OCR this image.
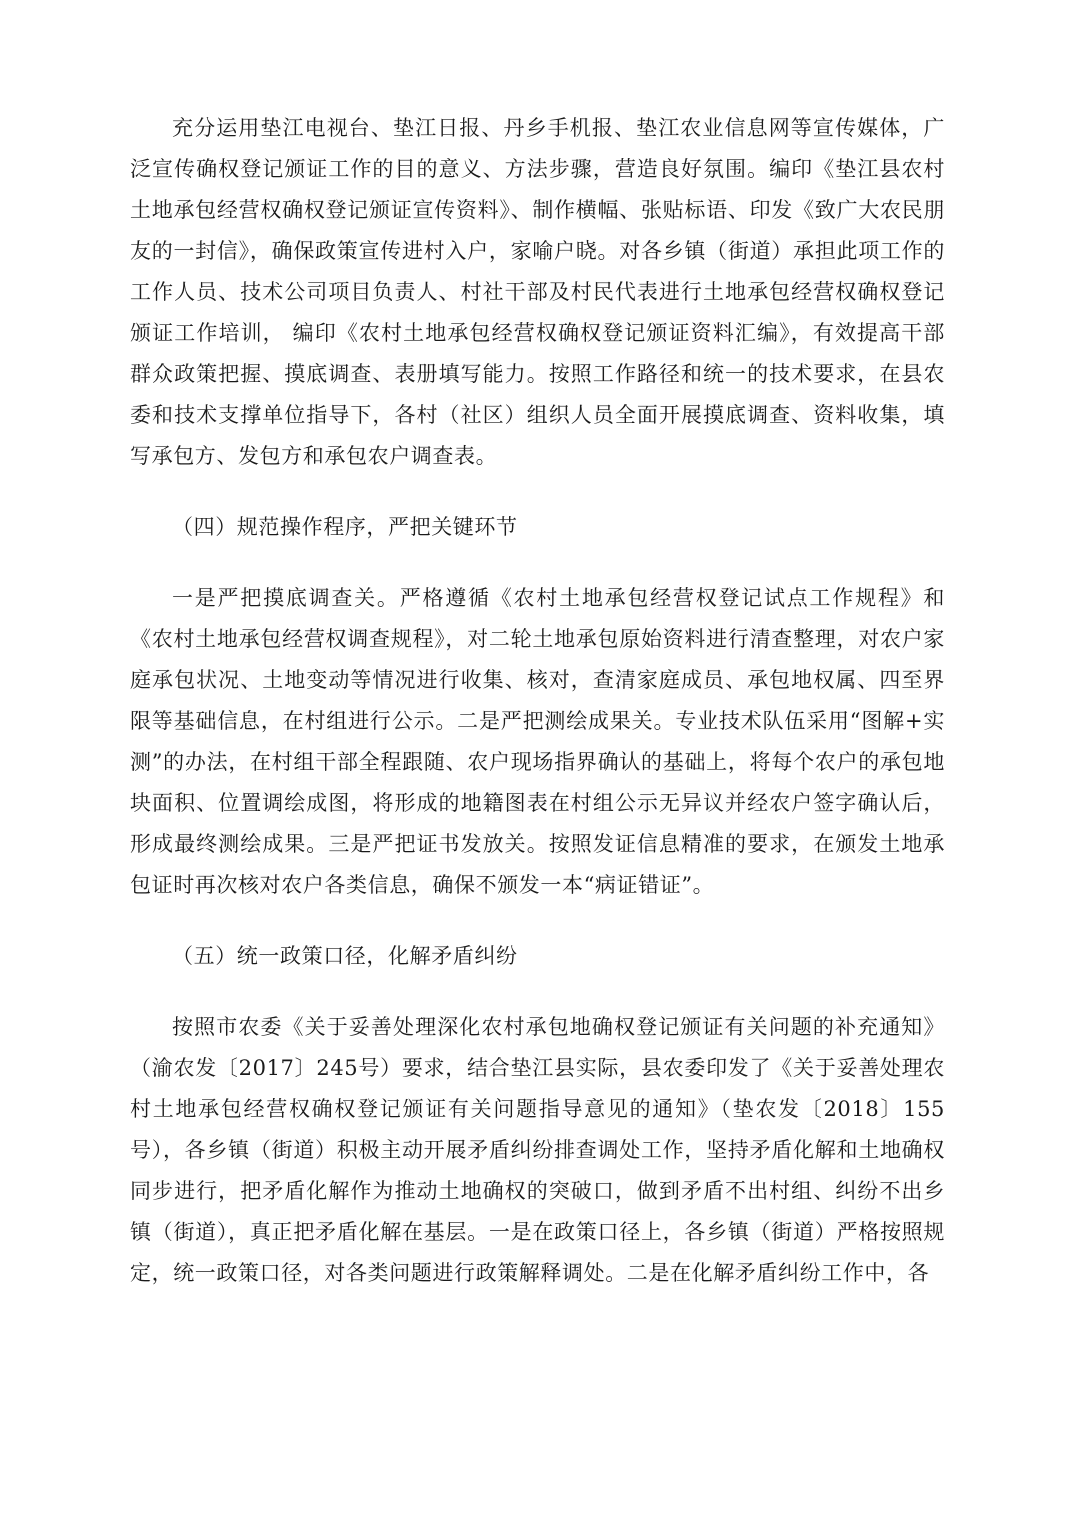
充分运用垫江电视台、垫江日报、丹乡手机报、垫江农业信息网等宣传媒体，广泛宣传确权登记颁证工作的目的意义、方法步骤，营造良好氛围。编印《垫江县农村土地承包经营权确权登记颁证宣传资料》、制作横幅、张贴标语、印发《致广大农民朋友的一封信》，确保政策宣传进村入户，家喻户晓。对各乡镇（街道）承担此项工作的工作人员、技术公司项目负责人、村社干部及村民代表进行土地承包经营权确权登记颁证工作培训， 编印《农村土地承包经营权确权登记颁证资料汇编》，有效提高干部群众政策把握、摸底调查、表册填写能力。按照工作路径和统一的技术要求，在县农委和技术支撑单位指导下，各村（社区）组织人员全面开展摸底调查、资料收集，填写承包方、发包方和承包农户调查表。

（四）规范操作程序，严把关键环节

一是严把摸底调查关。严格遵循《农村土地承包经营权登记试点工作规程》和《农村土地承包经营权调查规程》，对二轮土地承包原始资料进行清查整理，对农户家庭承包状况、土地变动等情况进行收集、核对，查清家庭成员、承包地权属、四至界限等基础信息，在村组进行公示。二是严把测绘成果关。专业技术队伍采用“图解+实测”的办法，在村组干部全程跟随、农户现场指界确认的基础上，将每个农户的承包地块面积、位置调绘成图，将形成的地籍图表在村组公示无异议并经农户签字确认后，形成最终测绘成果。三是严把证书发放关。按照发证信息精准的要求，在颁发土地承包证时再次核对农户各类信息，确保不颁发一本“病证错证”。

（五）统一政策口径，化解矛盾纠纷

按照市农委《关于妥善处理深化农村承包地确权登记颁证有关问题的补充通知》（渝农发〔2017〕245号）要求，结合垫江县实际，县农委印发了《关于妥善处理农村土地承包经营权确权登记颁证有关问题指导意见的通知》（垫农发〔2018〕155号），各乡镇（街道）积极主动开展矛盾纠纷排查调处工作，坚持矛盾化解和土地确权同步进行，把矛盾化解作为推动土地确权的突破口，做到矛盾不出村组、纠纷不出乡镇（街道），真正把矛盾化解在基层。一是在政策口径上，各乡镇（街道）严格按照规定，统一政策口径，对各类问题进行政策解释调处。二是在化解矛盾纠纷工作中，各
